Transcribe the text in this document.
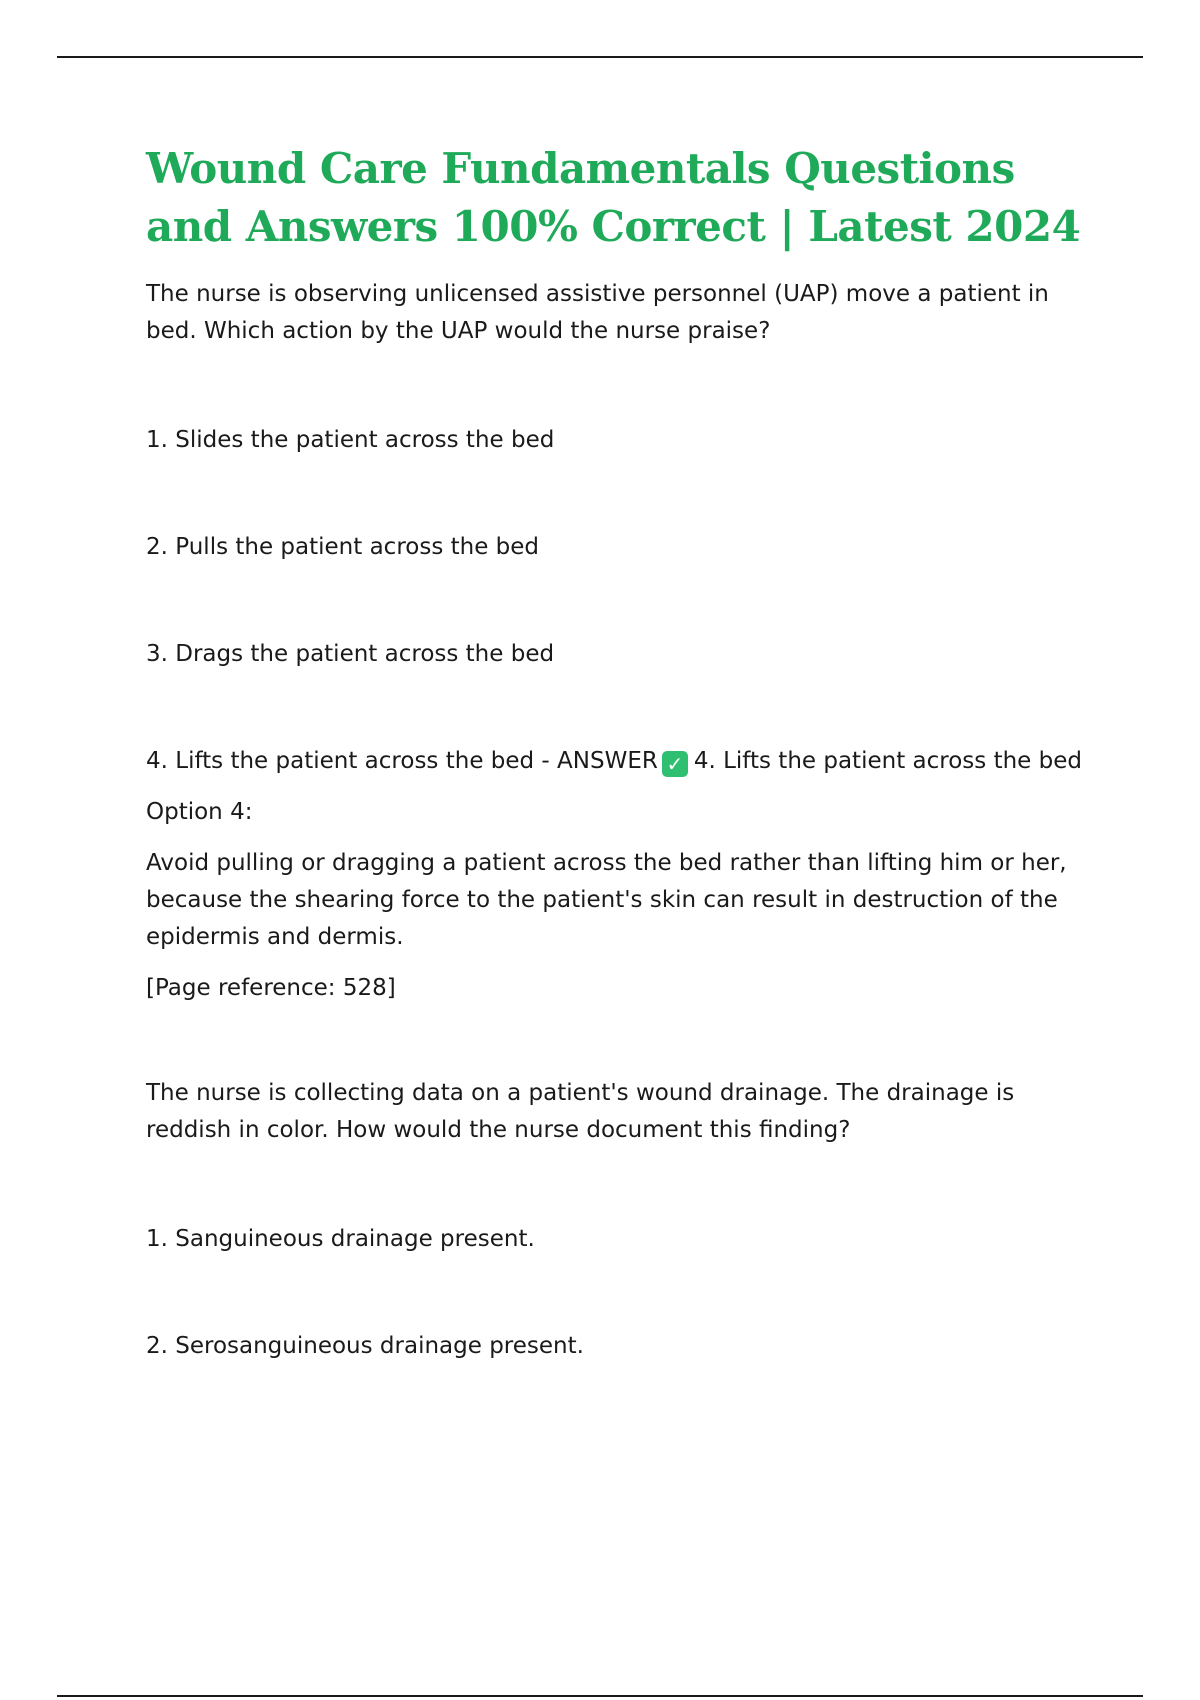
Wound Care Fundamentals Questions and Answers 100% Correct | Latest 2024

The nurse is observing unlicensed assistive personnel (UAP) move a patient in bed. Which action by the UAP would the nurse praise?

1. Slides the patient across the bed

2. Pulls the patient across the bed

3. Drags the patient across the bed

4. Lifts the patient across the bed - ANSWER ✓ 4. Lifts the patient across the bed

Option 4:

Avoid pulling or dragging a patient across the bed rather than lifting him or her, because the shearing force to the patient's skin can result in destruction of the epidermis and dermis.

[Page reference: 528]

The nurse is collecting data on a patient's wound drainage. The drainage is reddish in color. How would the nurse document this finding?

1. Sanguineous drainage present.

2. Serosanguineous drainage present.
